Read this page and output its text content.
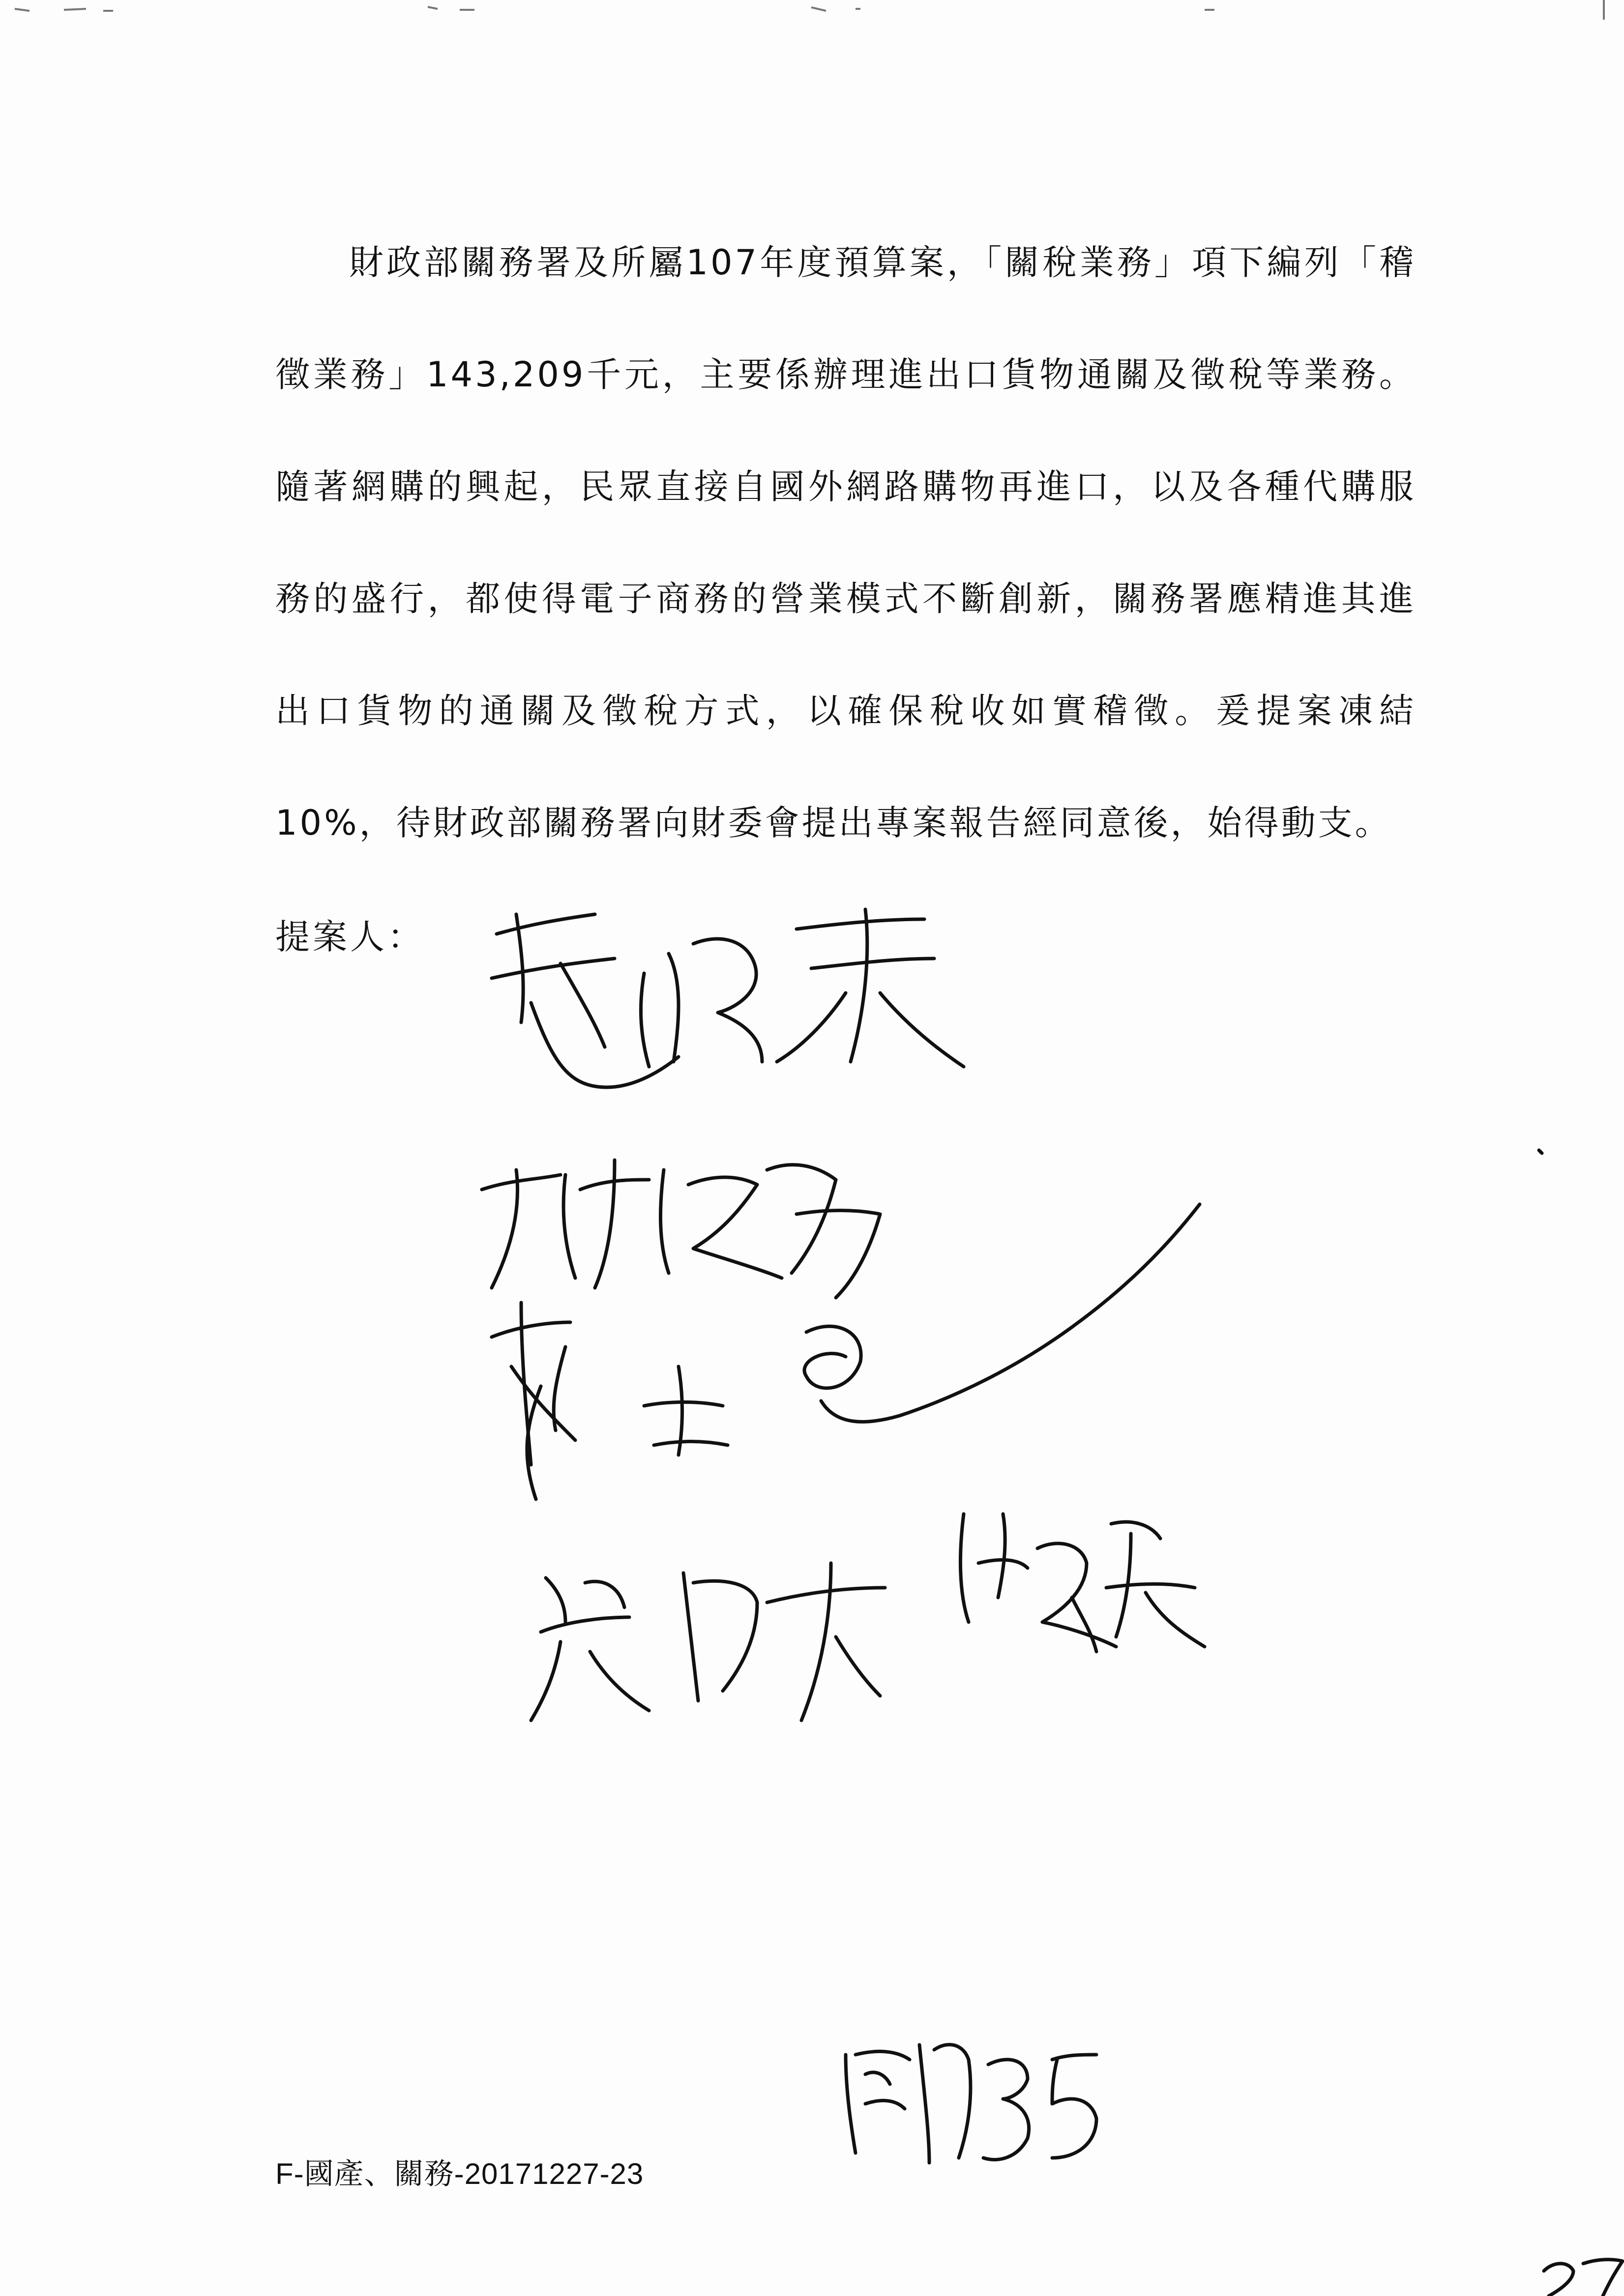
財政部關務署及所屬107年度預算案，「關稅業務」項下編列「稽徵業務」143,209千元，主要係辦理進出口貨物通關及徵稅等業務。隨著網購的興起，民眾直接自國外網路購物再進口，以及各種代購服務的盛行，都使得電子商務的營業模式不斷創新，關務署應精進其進出口貨物的通關及徵稅方式，以確保稅收如實稽徵。爰提案凍結10%，待財政部關務署向財委會提出專案報告經同意後，始得動支。

提案人：
F-國產、關務-20171227-23
